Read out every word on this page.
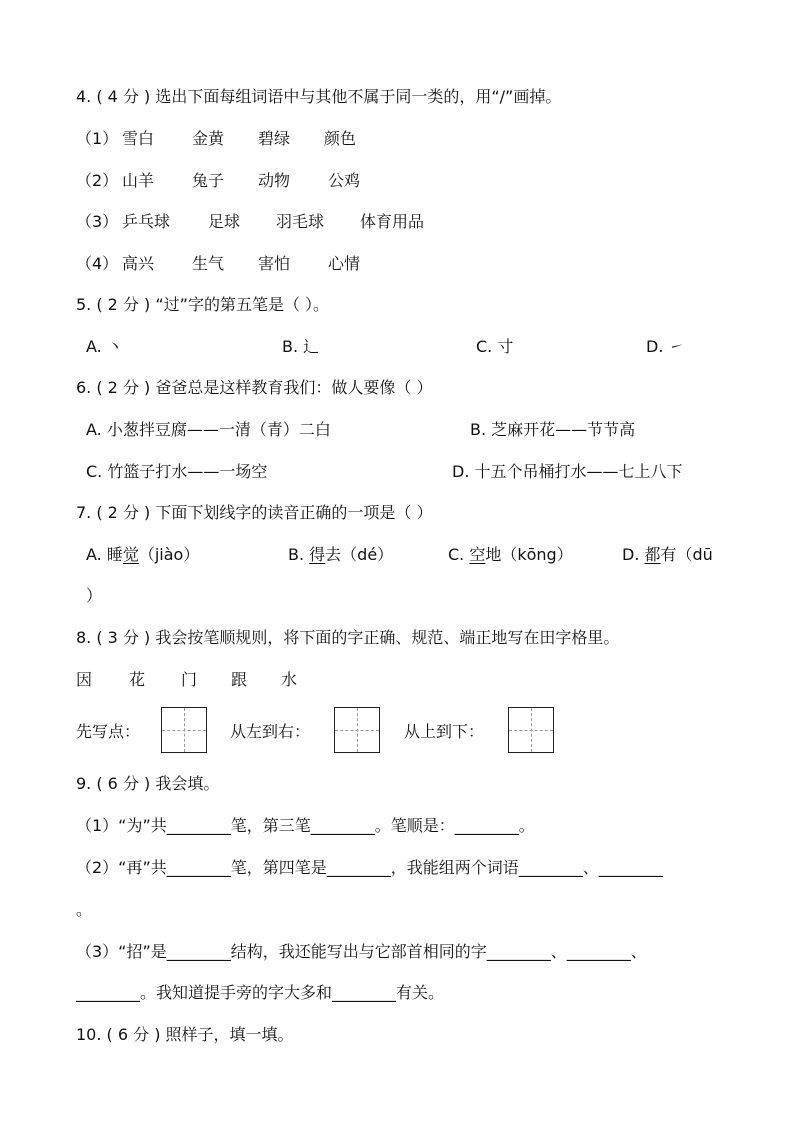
4. ( 4 分 ) 选出下面每组词语中与其他不属于同一类的，用“/”画掉。
（1） 雪白 金黄 碧绿 颜色
（2） 山羊 兔子 动物 公鸡
（3） 乒乓球 足球 羽毛球 体育用品
（4） 高兴 生气 害怕 心情
5. ( 2 分 ) “过”字的第五笔是（ ）。
A. 丶	B. ⻌	C. 寸	D. ㇀
6. ( 2 分 ) 爸爸总是这样教育我们：做人要像（ ）
A. 小葱拌豆腐——一清（青）二白	B. 芝麻开花——节节高
C. 竹篮子打水——一场空	D. 十五个吊桶打水——七上八下
7. ( 2 分 ) 下面下划线字的读音正确的一项是（ ）
A. 睡觉（jiào）	B. 得去（dé）	C. 空地（kōng）	D. 都有（dū
）
8. ( 3 分 ) 我会按笔顺规则，将下面的字正确、规范、端正地写在田字格里。
因 花 门 跟 水
先写点：	从左到右：	从上到下：
9. ( 6 分 ) 我会填。
（1）“为”共________笔，第三笔________。笔顺是：________。
（2）“再”共________笔，第四笔是________，我能组两个词语________、________
。
（3）“招”是________结构，我还能写出与它部首相同的字________、________、
________。我知道提手旁的字大多和________有关。
10. ( 6 分 ) 照样子，填一填。
